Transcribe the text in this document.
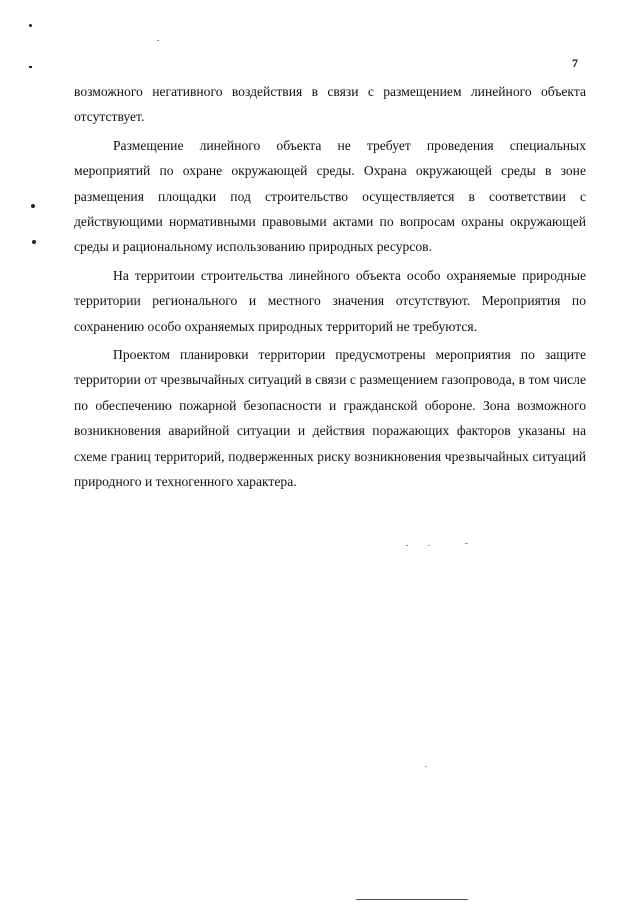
7

возможного негативного воздействия в связи с размещением линейного объекта отсутствует.

Размещение линейного объекта не требует проведения специальных мероприятий по охране окружающей среды. Охрана окружающей среды в зоне размещения площадки под строительство осуществляется в соответствии с действующими нормативными правовыми актами по вопросам охраны окружающей среды и рациональному использованию природных ресурсов.

На территоии строительства линейного объекта особо охраняемые природные территории регионального и местного значения отсутствуют. Мероприятия по сохранению особо охраняемых природных территорий не требуются.

Проектом планировки территории предусмотрены мероприятия по защите территории от чрезвычайных ситуаций в связи с размещением газопровода, в том числе по обеспечению пожарной безопасности и гражданской обороне. Зона возможного возникновения аварийной ситуации и действия поражающих факторов указаны на схеме границ территорий, подверженных риску возникновения чрезвычайных ситуаций природного и техногенного характера.
